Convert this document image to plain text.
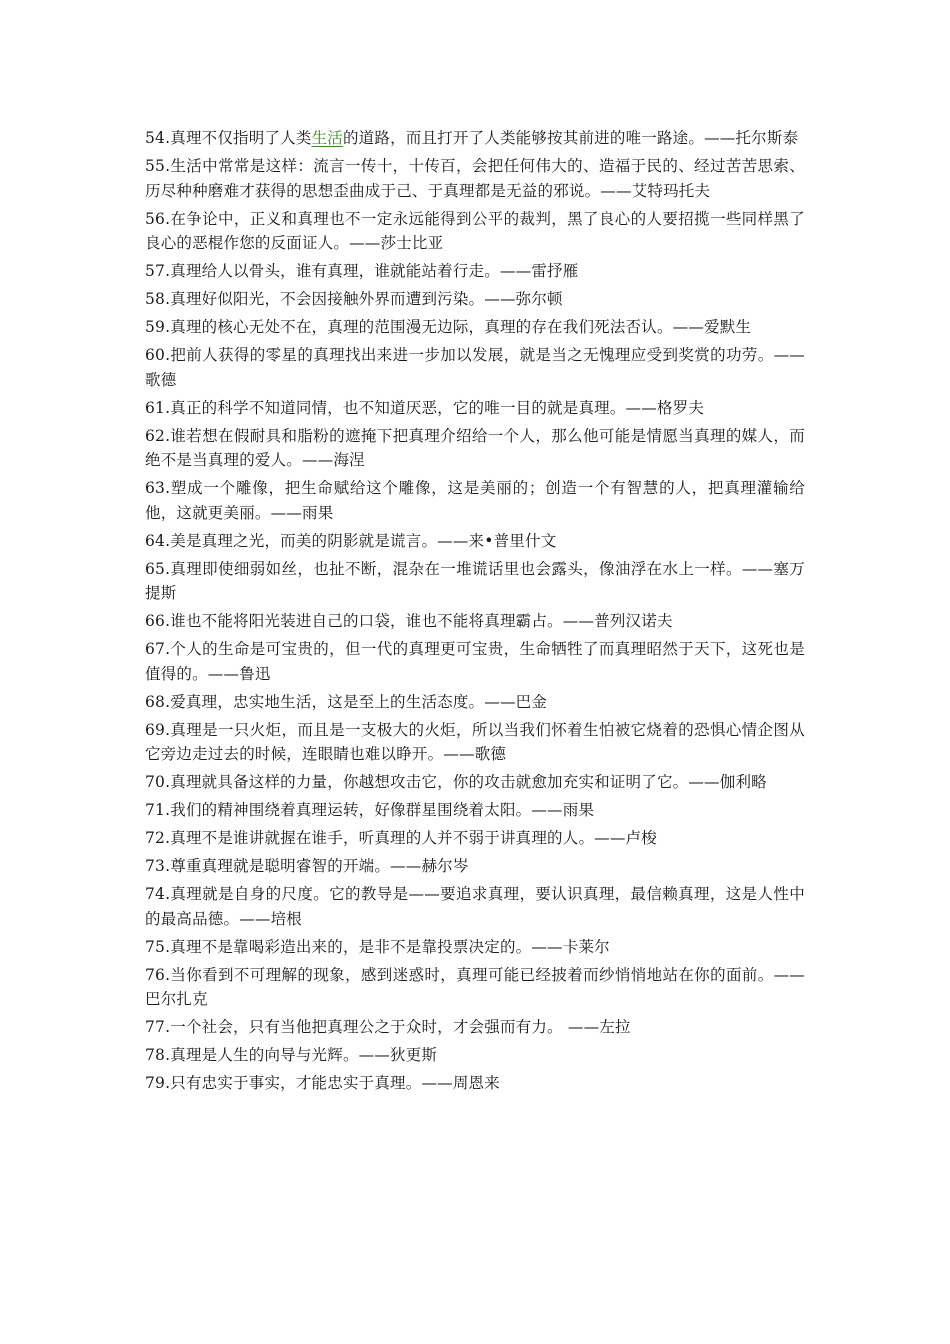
54.真理不仅指明了人类生活的道路，而且打开了人类能够按其前进的唯一路途。——托尔斯泰

55.生活中常常是这样：流言一传十，十传百，会把任何伟大的、造福于民的、经过苦苦思索、历尽种种磨难才获得的思想歪曲成于己、于真理都是无益的邪说。——艾特玛托夫

56.在争论中，正义和真理也不一定永远能得到公平的裁判，黑了良心的人要招揽一些同样黑了良心的恶棍作您的反面证人。——莎士比亚

57.真理给人以骨头，谁有真理，谁就能站着行走。——雷抒雁

58.真理好似阳光，不会因接触外界而遭到污染。——弥尔顿

59.真理的核心无处不在，真理的范围漫无边际，真理的存在我们死法否认。——爱默生

60.把前人获得的零星的真理找出来进一步加以发展，就是当之无愧理应受到奖赏的功劳。——歌德

61.真正的科学不知道同情，也不知道厌恶，它的唯一目的就是真理。——格罗夫

62.谁若想在假耐具和脂粉的遮掩下把真理介绍给一个人，那么他可能是情愿当真理的媒人，而绝不是当真理的爱人。——海涅

63.塑成一个雕像，把生命赋给这个雕像，这是美丽的；创造一个有智慧的人，把真理灌输给他，这就更美丽。——雨果

64.美是真理之光，而美的阴影就是谎言。——来•普里什文

65.真理即使细弱如丝，也扯不断，混杂在一堆谎话里也会露头，像油浮在水上一样。——塞万提斯

66.谁也不能将阳光装进自己的口袋，谁也不能将真理霸占。——普列汉诺夫

67.个人的生命是可宝贵的，但一代的真理更可宝贵，生命牺牲了而真理昭然于天下，这死也是值得的。——鲁迅

68.爱真理，忠实地生活，这是至上的生活态度。——巴金

69.真理是一只火炬，而且是一支极大的火炬，所以当我们怀着生怕被它烧着的恐惧心情企图从它旁边走过去的时候，连眼睛也难以睁开。——歌德

70.真理就具备这样的力量，你越想攻击它，你的攻击就愈加充实和证明了它。——伽利略

71.我们的精神围绕着真理运转，好像群星围绕着太阳。——雨果

72.真理不是谁讲就握在谁手，听真理的人并不弱于讲真理的人。——卢梭

73.尊重真理就是聪明睿智的开端。——赫尔岑

74.真理就是自身的尺度。它的教导是——要追求真理，要认识真理，最信赖真理，这是人性中的最高品德。——培根

75.真理不是靠喝彩造出来的，是非不是靠投票决定的。——卡莱尔

76.当你看到不可理解的现象，感到迷惑时，真理可能已经披着而纱悄悄地站在你的面前。——巴尔扎克

77.一个社会，只有当他把真理公之于众时，才会强而有力。 ——左拉

78.真理是人生的向导与光辉。——狄更斯

79.只有忠实于事实，才能忠实于真理。——周恩来
